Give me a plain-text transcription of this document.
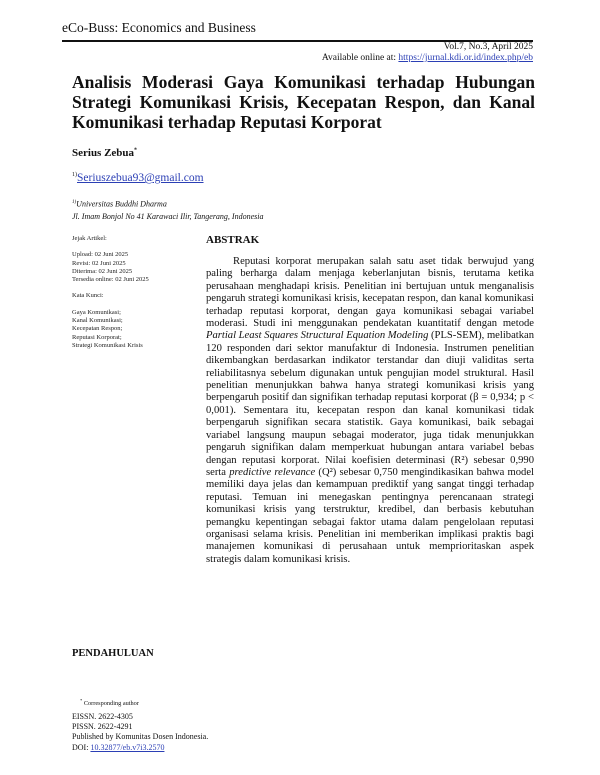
eCo-Buss: Economics and Business
Vol.7, No.3, April 2025
Available online at: https://jurnal.kdi.or.id/index.php/eb
Analisis Moderasi Gaya Komunikasi terhadap Hubungan Strategi Komunikasi Krisis, Kecepatan Respon, dan Kanal Komunikasi terhadap Reputasi Korporat
Serius Zebua*
$^{1)}$Seriuszebua93@gmail.com
$^{1)}$Universitas Buddhi Dharma
Jl. Imam Bonjol No 41 Karawaci Ilir, Tangerang, Indonesia
Jejak Artikel:
Upload: 02 Juni 2025
Revisi: 02 Juni 2025
Diterima: 02 Juni 2025
Tersedia online: 02 Juni 2025
Kata Kunci:
Gaya Komunikasi;
Kanal Komunikasi;
Kecepatan Respon;
Reputasi Korporat;
Strategi Komunikasi Krisis
ABSTRAK

Reputasi korporat merupakan salah satu aset tidak berwujud yang paling berharga dalam menjaga keberlanjutan bisnis, terutama ketika perusahaan menghadapi krisis. Penelitian ini bertujuan untuk menganalisis pengaruh strategi komunikasi krisis, kecepatan respon, dan kanal komunikasi terhadap reputasi korporat, dengan gaya komunikasi sebagai variabel moderasi. Studi ini menggunakan pendekatan kuantitatif dengan metode Partial Least Squares Structural Equation Modeling (PLS-SEM), melibatkan 120 responden dari sektor manufaktur di Indonesia. Instrumen penelitian dikembangkan berdasarkan indikator terstandar dan diuji validitas serta reliabilitasnya sebelum digunakan untuk pengujian model struktural. Hasil penelitian menunjukkan bahwa hanya strategi komunikasi krisis yang berpengaruh positif dan signifikan terhadap reputasi korporat (β = 0,934; p < 0,001). Sementara itu, kecepatan respon dan kanal komunikasi tidak berpengaruh signifikan secara statistik. Gaya komunikasi, baik sebagai variabel langsung maupun sebagai moderator, juga tidak menunjukkan pengaruh signifikan dalam memperkuat hubungan antara variabel bebas dengan reputasi korporat. Nilai koefisien determinasi (R²) sebesar 0,990 serta predictive relevance (Q²) sebesar 0,750 mengindikasikan bahwa model memiliki daya jelas dan kemampuan prediktif yang sangat tinggi terhadap reputasi. Temuan ini menegaskan pentingnya perencanaan strategi komunikasi krisis yang terstruktur, kredibel, dan berbasis kebutuhan pemangku kepentingan sebagai faktor utama dalam pengelolaan reputasi organisasi selama krisis. Penelitian ini memberikan implikasi praktis bagi manajemen komunikasi di perusahaan untuk memprioritaskan aspek strategis dalam komunikasi krisis.

PENDAHULUAN
* Corresponding author
EISSN. 2622-4305
PISSN. 2622-4291
Published by Komunitas Dosen Indonesia.
DOI: 10.32877/eb.v7i3.2570
